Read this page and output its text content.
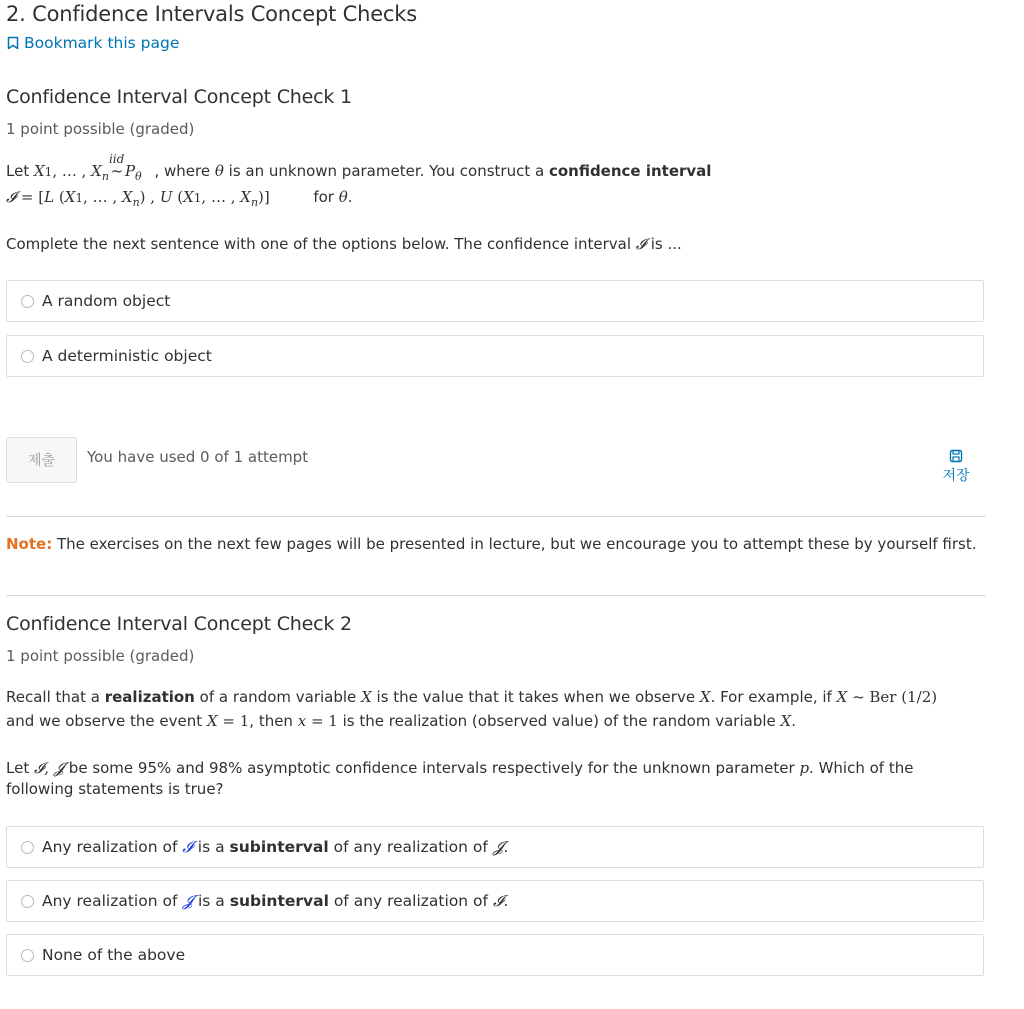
2. Confidence Intervals Concept Checks
Bookmark this page
Confidence Interval Concept Check 1
1 point possible (graded)
Let X1, … , $X_n$
iid
~ $P_\theta$ , where θ is an unknown parameter. You construct a confidence interval
𝓘 = [L (X1, … , $X_n$) , U (X1, … , $X_n$)]	for θ.
Complete the next sentence with one of the options below. The confidence interval 𝓘 is ...
A random object
A deterministic object
제출	You have used 0 of 1 attempt
저장
Note: The exercises on the next few pages will be presented in lecture, but we encourage you to attempt these by yourself first.
Confidence Interval Concept Check 2
1 point possible (graded)
Recall that a realization of a random variable X is the value that it takes when we observe X. For example, if X ~ Ber (1/2)
and we observe the event X = 1, then x = 1 is the realization (observed value) of the random variable X.
Let 𝓘, 𝓙 be some 95% and 98% asymptotic confidence intervals respectively for the unknown parameter p. Which of the
following statements is true?
Any realization of
𝓘
is a
subinterval
of any realization of
𝓙 .
Any realization of
𝓙
is a
subinterval
of any realization of
𝓘 .
None of the above
